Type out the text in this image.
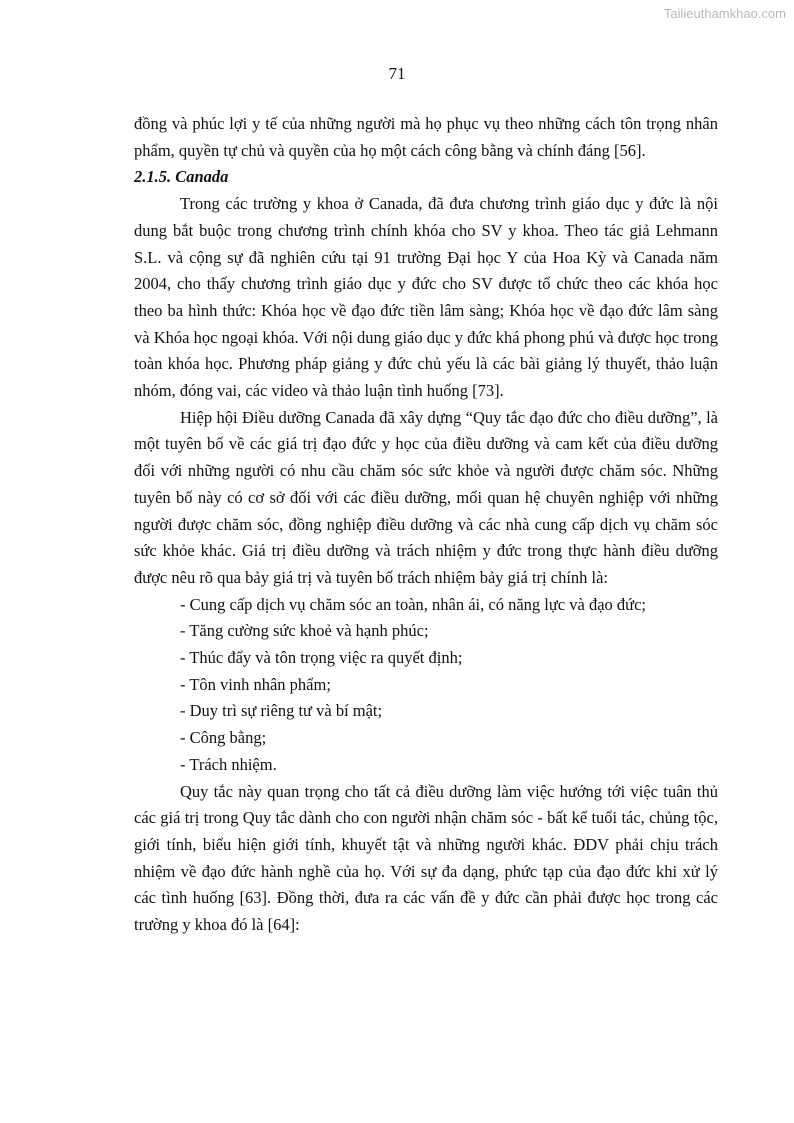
Tailieuthamkhao.com
71

đồng và phúc lợi y tế của những người mà họ phục vụ theo những cách tôn trọng nhân phẩm, quyền tự chủ và quyền của họ một cách công bằng và chính đáng [56].

2.1.5. Canada

Trong các trường y khoa ở Canada, đã đưa chương trình giáo dục y đức là nội dung bắt buộc trong chương trình chính khóa cho SV y khoa. Theo tác giả Lehmann S.L. và cộng sự đã nghiên cứu tại 91 trường Đại học Y của Hoa Kỳ và Canada năm 2004, cho thấy chương trình giáo dục y đức cho SV được tổ chức theo các khóa học theo ba hình thức: Khóa học về đạo đức tiền lâm sàng; Khóa học về đạo đức lâm sàng và Khóa học ngoại khóa. Với nội dung giáo dục y đức khá phong phú và được học trong toàn khóa học. Phương pháp giảng y đức chủ yếu là các bài giảng lý thuyết, thảo luận nhóm, đóng vai, các video và thảo luận tình huống [73].

Hiệp hội Điều dưỡng Canada đã xây dựng “Quy tắc đạo đức cho điều dưỡng”, là một tuyên bố về các giá trị đạo đức y học của điều dưỡng và cam kết của điều dưỡng đối với những người có nhu cầu chăm sóc sức khỏe và người được chăm sóc. Những tuyên bố này có cơ sở đối với các điều dưỡng, mối quan hệ chuyên nghiệp với những người được chăm sóc, đồng nghiệp điều dưỡng và các nhà cung cấp dịch vụ chăm sóc sức khỏe khác. Giá trị điều dưỡng và trách nhiệm y đức trong thực hành điều dưỡng được nêu rõ qua bảy giá trị và tuyên bố trách nhiệm bảy giá trị chính là:

- Cung cấp dịch vụ chăm sóc an toàn, nhân ái, có năng lực và đạo đức;

- Tăng cường sức khoẻ và hạnh phúc;

- Thúc đẩy và tôn trọng việc ra quyết định;

- Tôn vinh nhân phẩm;

- Duy trì sự riêng tư và bí mật;

- Công bằng;

- Trách nhiệm.

Quy tắc này quan trọng cho tất cả điều dưỡng làm việc hướng tới việc tuân thủ các giá trị trong Quy tắc dành cho con người nhận chăm sóc - bất kể tuổi tác, chủng tộc, giới tính, biểu hiện giới tính, khuyết tật và những người khác. ĐDV phải chịu trách nhiệm về đạo đức hành nghề của họ. Với sự đa dạng, phức tạp của đạo đức khi xử lý các tình huống [63]. Đồng thời, đưa ra các vấn đề y đức cần phải được học trong các trường y khoa đó là [64]:
